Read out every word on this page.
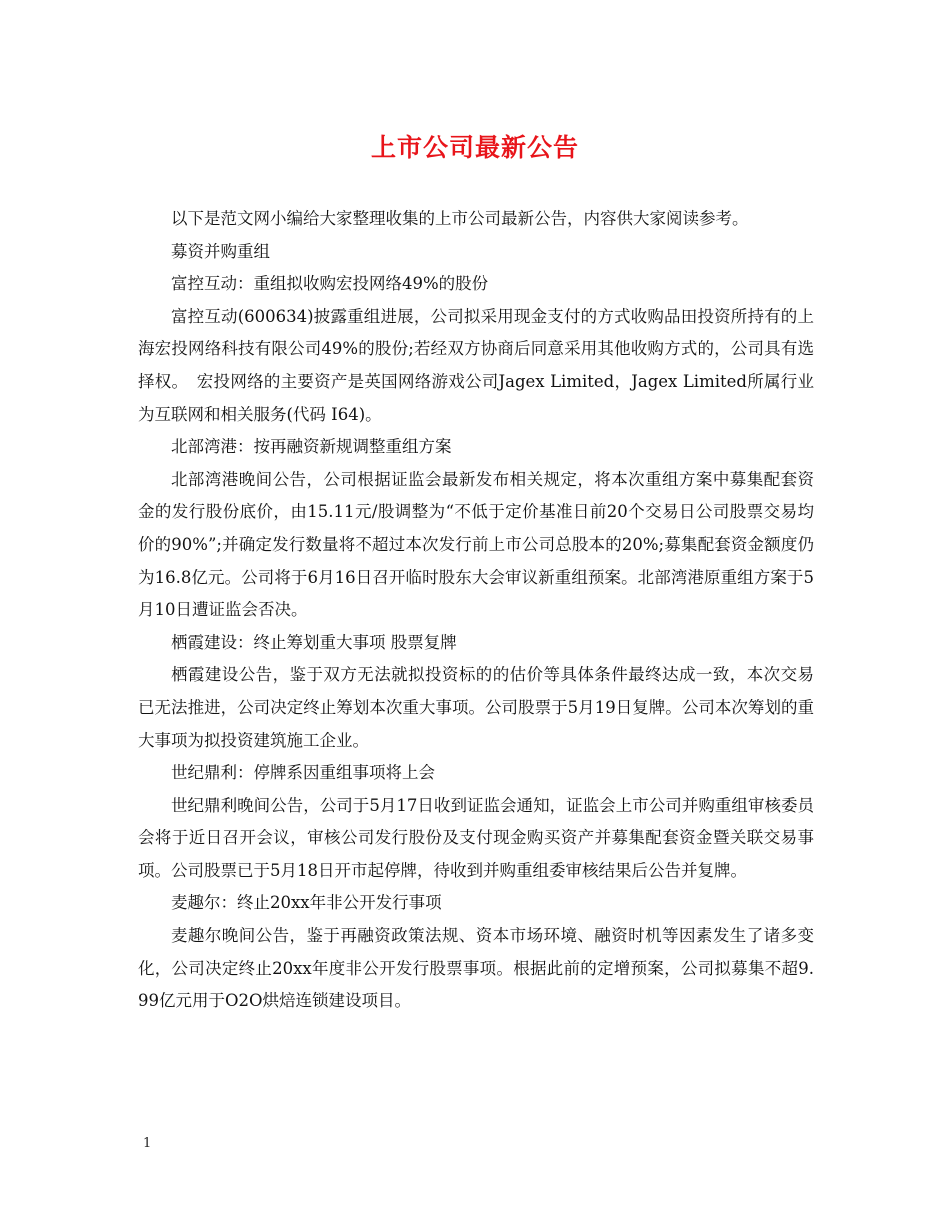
上市公司最新公告

以下是范文网小编给大家整理收集的上市公司最新公告，内容供大家阅读参考。

募资并购重组

富控互动：重组拟收购宏投网络49%的股份

富控互动(600634)披露重组进展，公司拟采用现金支付的方式收购品田投资所持有的上海宏投网络科技有限公司49%的股份;若经双方协商后同意采用其他收购方式的，公司具有选择权。　宏投网络的主要资产是英国网络游戏公司Jagex Limited，Jagex Limited所属行业为互联网和相关服务(代码 I64)。

北部湾港：按再融资新规调整重组方案

北部湾港晚间公告，公司根据证监会最新发布相关规定，将本次重组方案中募集配套资金的发行股份底价，由15.11元/股调整为“不低于定价基准日前20个交易日公司股票交易均价的90%”;并确定发行数量将不超过本次发行前上市公司总股本的20%;募集配套资金额度仍为16.8亿元。公司将于6月16日召开临时股东大会审议新重组预案。北部湾港原重组方案于5月10日遭证监会否决。

栖霞建设：终止筹划重大事项 股票复牌

栖霞建设公告，鉴于双方无法就拟投资标的的估价等具体条件最终达成一致，本次交易已无法推进，公司决定终止筹划本次重大事项。公司股票于5月19日复牌。公司本次筹划的重大事项为拟投资建筑施工企业。

世纪鼎利：停牌系因重组事项将上会

世纪鼎利晚间公告，公司于5月17日收到证监会通知，证监会上市公司并购重组审核委员会将于近日召开会议，审核公司发行股份及支付现金购买资产并募集配套资金暨关联交易事项。公司股票已于5月18日开市起停牌，待收到并购重组委审核结果后公告并复牌。

麦趣尔：终止20xx年非公开发行事项

麦趣尔晚间公告，鉴于再融资政策法规、资本市场环境、融资时机等因素发生了诸多变化，公司决定终止20xx年度非公开发行股票事项。根据此前的定增预案，公司拟募集不超9.99亿元用于O2O烘焙连锁建设项目。

1
